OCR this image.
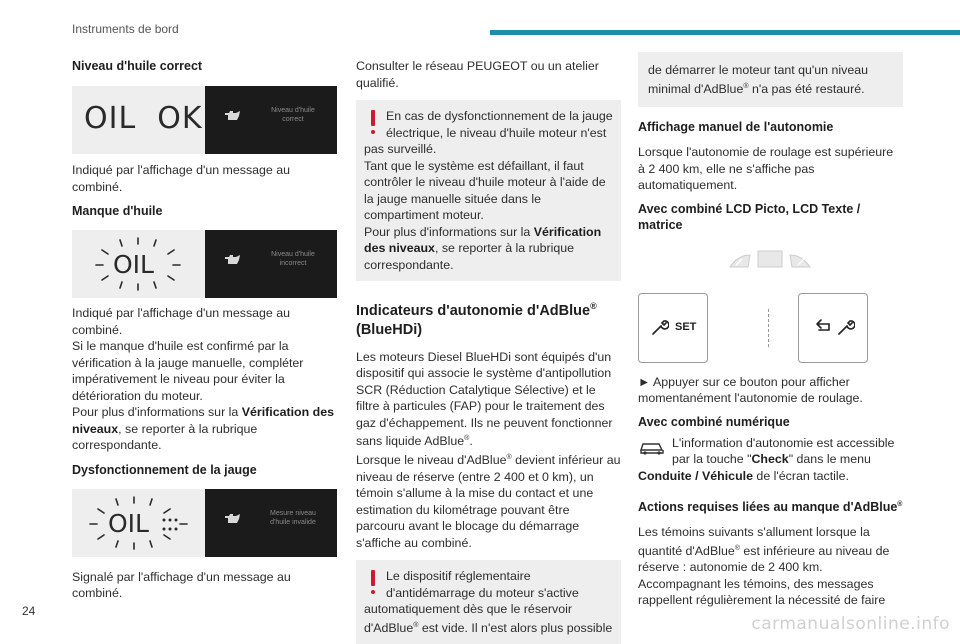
Instruments de bord
Niveau d'huile correct
OIL  OK	Niveau d'huile
correct

Indiqué par l'affichage d'un message au combiné.

Manque d'huile
OIL	Niveau d'huile
incorrect

Indiqué par l'affichage d'un message au combiné.

Si le manque d'huile est confirmé par la vérification à la jauge manuelle, compléter impérativement le niveau pour éviter la détérioration du moteur.

Pour plus d'informations sur la Vérification des niveaux, se reporter à la rubrique correspondante.

Dysfonctionnement de la jauge
OIL	Mesure niveau
d'huile invalide

Signalé par l'affichage d'un message au combiné.

Consulter le réseau PEUGEOT ou un atelier qualifié.

En cas de dysfonctionnement de la jauge électrique, le niveau d'huile moteur n'est pas surveillé.

Tant que le système est défaillant, il faut contrôler le niveau d'huile moteur à l'aide de la jauge manuelle située dans le compartiment moteur.

Pour plus d'informations sur la Vérification des niveaux, se reporter à la rubrique correspondante.

Indicateurs d'autonomie d'AdBlue®
(BlueHDi)

Les moteurs Diesel BlueHDi sont équipés d'un dispositif qui associe le système d'antipollution SCR (Réduction Catalytique Sélective) et le filtre à particules (FAP) pour le traitement des gaz d'échappement. Ils ne peuvent fonctionner sans liquide AdBlue®.

Lorsque le niveau d'AdBlue® devient inférieur au niveau de réserve (entre 2 400 et 0 km), un témoin s'allume à la mise du contact et une estimation du kilométrage pouvant être parcouru avant le blocage du démarrage s'affiche au combiné.

Le dispositif réglementaire d'antidémarrage du moteur s'active automatiquement dès que le réservoir d'AdBlue® est vide. Il n'est alors plus possible

de démarrer le moteur tant qu'un niveau minimal d'AdBlue® n'a pas été restauré.

Affichage manuel de l'autonomie

Lorsque l'autonomie de roulage est supérieure à 2 400 km, elle ne s'affiche pas automatiquement.

Avec combiné LCD Picto, LCD Texte / matrice
SET

► Appuyer sur ce bouton pour afficher momentanément l'autonomie de roulage.

Avec combiné numérique

L'information d'autonomie est accessible par la touche "Check" dans le menu Conduite / Véhicule de l'écran tactile.

Actions requises liées au manque d'AdBlue®

Les témoins suivants s'allument lorsque la quantité d'AdBlue® est inférieure au niveau de réserve : autonomie de 2 400 km.

Accompagnant les témoins, des messages rappellent régulièrement la nécessité de faire

24
carmanualsonline.info
